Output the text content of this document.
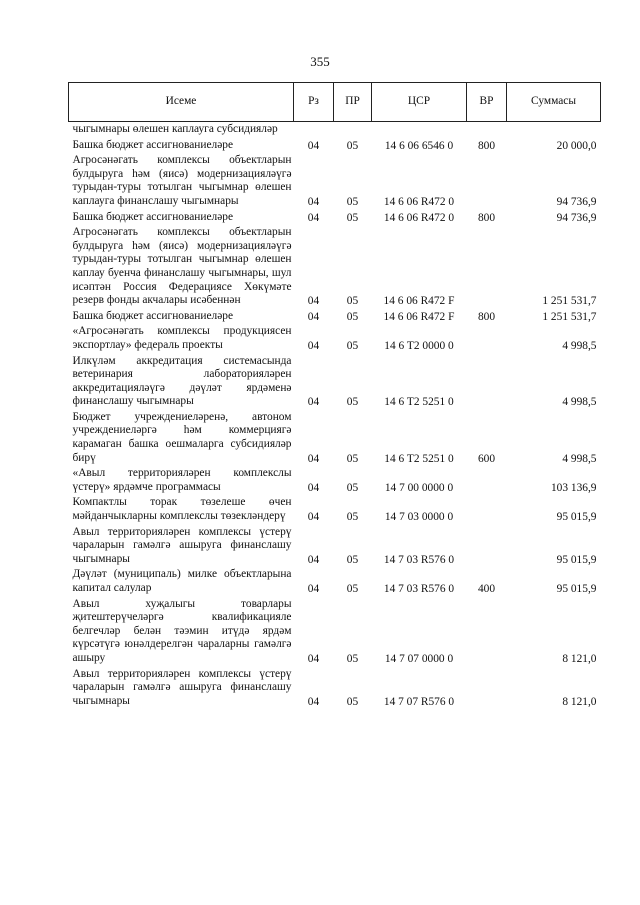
355
Исеме	Рз	ПР	ЦСР	ВР	Суммасы
чыгымнары өлешен каплауга субсидияләр					
Башка бюджет ассигнованиеләре	04	05	14 6 06 6546 0	800	20 000,0
Агросәнәгать комплексы объектларын булдыруга һәм (яисә) модернизацияләүгә турыдан-туры тотылган чыгымнар өлешен каплауга финанслашу чыгымнары	04	05	14 6 06 R472 0		94 736,9
Башка бюджет ассигнованиеләре	04	05	14 6 06 R472 0	800	94 736,9
Агросәнәгать комплексы объектларын булдыруга һәм (яисә) модернизацияләүгә турыдан-туры тотылган чыгымнар өлешен каплау буенча финанслашу чыгымнары, шул исәптән Россия Федерациясе Хөкүмәте резерв фонды акчалары исәбеннән	04	05	14 6 06 R472 F		1 251 531,7
Башка бюджет ассигнованиеләре	04	05	14 6 06 R472 F	800	1 251 531,7
«Агросәнәгать комплексы продукциясен экспортлау» федераль проекты	04	05	14 6 T2 0000 0		4 998,5
Илкүләм аккредитация системасында ветеринария лабораторияләрен аккредитацияләүгә дәүләт ярдәменә финанслашу чыгымнары	04	05	14 6 T2 5251 0		4 998,5
Бюджет учреждениеләренә, автоном учреждениеләргә һәм коммерциягә карамаган башка оешмаларга субсидияләр бирү	04	05	14 6 T2 5251 0	600	4 998,5
«Авыл территорияләрен комплекслы үстерү» ярдәмче программасы	04	05	14 7 00 0000 0		103 136,9
Компактлы торак төзелеше өчен мәйданчыкларны комплекслы төзекләндерү	04	05	14 7 03 0000 0		95 015,9
Авыл территорияләрен комплексы үстерү чараларын гамәлгә ашыруга финанслашу чыгымнары	04	05	14 7 03 R576 0		95 015,9
Дәүләт (муниципаль) милке объектларына капитал салулар	04	05	14 7 03 R576 0	400	95 015,9
Авыл хуҗалыгы товарлары җитештерүчеләргә квалификацияле белгечләр белән тәэмин итүдә ярдәм күрсәтүгә юнәлдерелгән чараларны гамәлгә ашыру	04	05	14 7 07 0000 0		8 121,0
Авыл территорияләрен комплексы үстерү чараларын гамәлгә ашыруга финанслашу чыгымнары	04	05	14 7 07 R576 0		8 121,0
